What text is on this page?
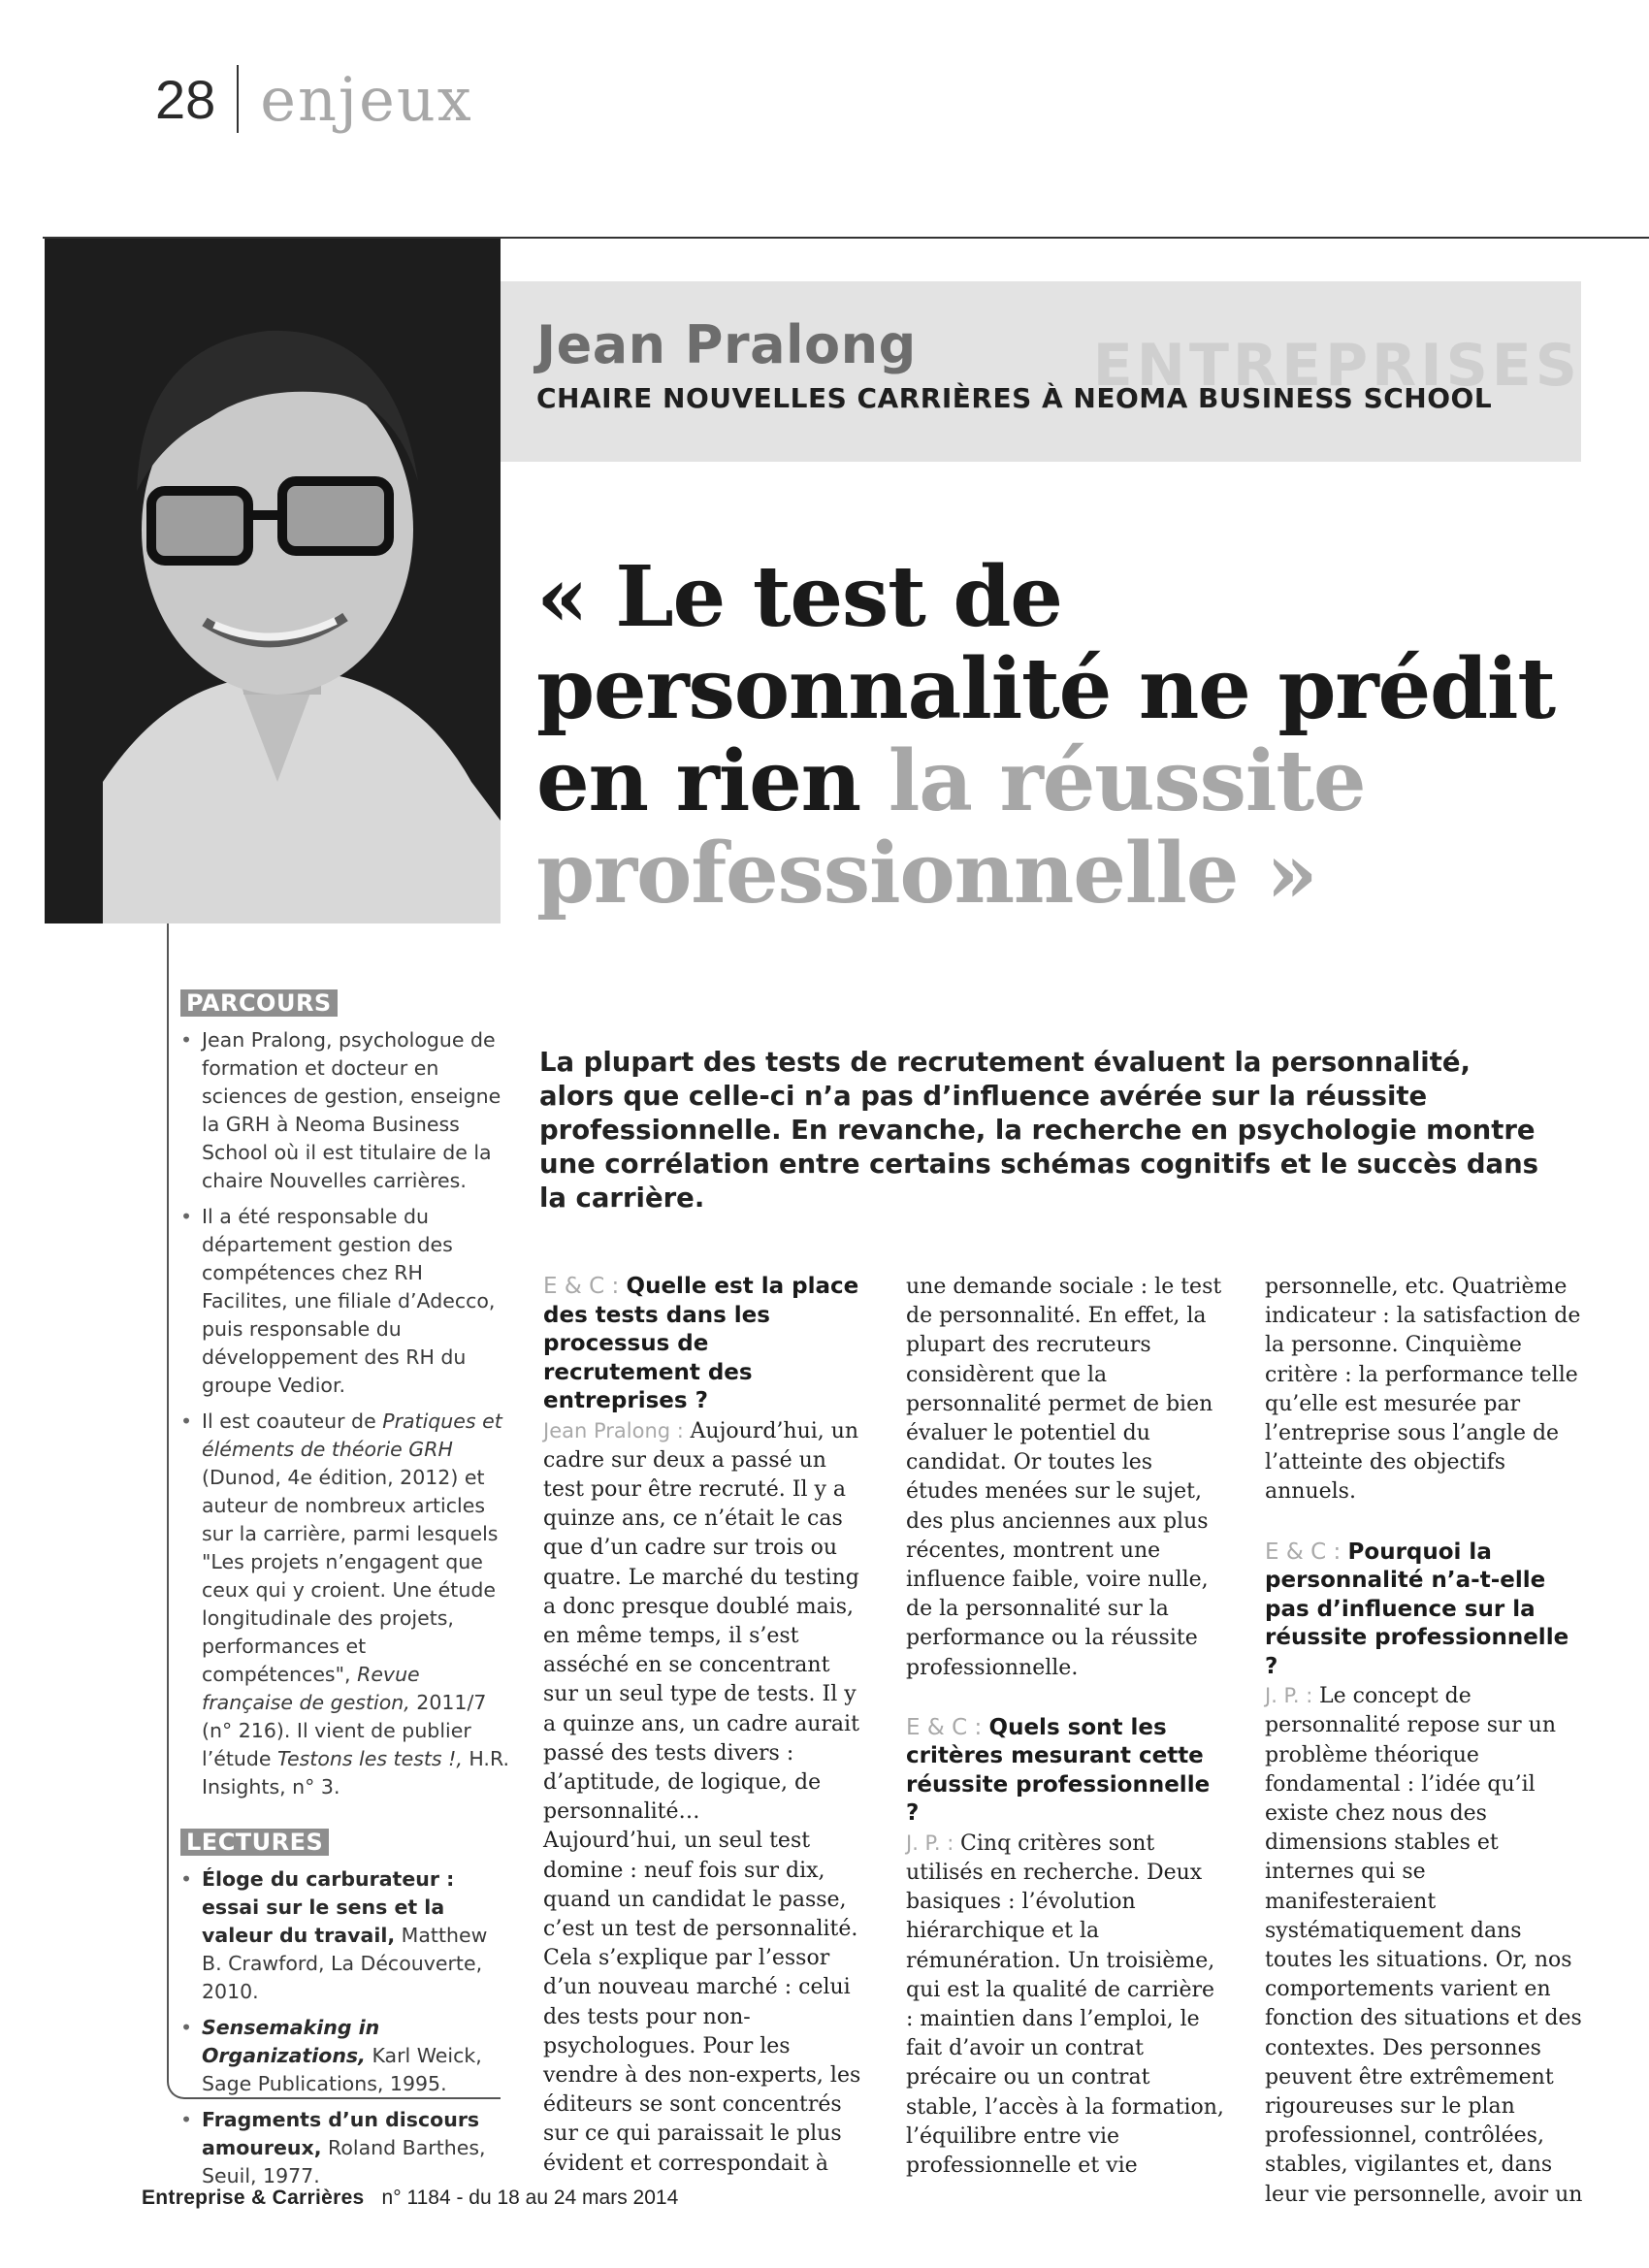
28 enjeux
ENTREPRISES
Jean Pralong
CHAIRE NOUVELLES CARRIÈRES À NEOMA BUSINESS SCHOOL
« Le test de personnalité ne prédit en rien la réussite professionnelle »

La plupart des tests de recrutement évaluent la personnalité, alors que celle-ci n’a pas d’influence avérée sur la réussite professionnelle. En revanche, la recherche en psychologie montre une corrélation entre certains schémas cognitifs et le succès dans la carrière.

PARCOURS
• Jean Pralong, psychologue de formation et docteur en sciences de gestion, enseigne la GRH à Neoma Business School où il est titulaire de la chaire Nouvelles carrières.
• Il a été responsable du département gestion des compétences chez RH Facilites, une filiale d’Adecco, puis responsable du développement des RH du groupe Vedior.
• Il est coauteur de Pratiques et éléments de théorie GRH (Dunod, 4e édition, 2012) et auteur de nombreux articles sur la carrière, parmi lesquels "Les projets n’engagent que ceux qui y croient. Une étude longitudinale des projets, performances et compétences", Revue française de gestion, 2011/7 (n° 216). Il vient de publier l’étude Testons les tests !, H.R. Insights, n° 3.
LECTURES
• Éloge du carburateur : essai sur le sens et la valeur du travail, Matthew B. Crawford, La Découverte, 2010.
• Sensemaking in Organizations, Karl Weick, Sage Publications, 1995.
• Fragments d’un discours amoureux, Roland Barthes, Seuil, 1977.
E & C : Quelle est la place des tests dans les processus de recrutement des entreprises ?

Jean Pralong : Aujourd’hui, un cadre sur deux a passé un test pour être recruté. Il y a quinze ans, ce n’était le cas que d’un cadre sur trois ou quatre. Le marché du testing a donc presque doublé mais, en même temps, il s’est asséché en se concentrant sur un seul type de tests. Il y a quinze ans, un cadre aurait passé des tests divers : d’aptitude, de logique, de personnalité…

Aujourd’hui, un seul test domine : neuf fois sur dix, quand un candidat le passe, c’est un test de personnalité. Cela s’explique par l’essor d’un nouveau marché : celui des tests pour non-psychologues. Pour les vendre à des non-experts, les éditeurs se sont concentrés sur ce qui paraissait le plus évident et correspondait à

une demande sociale : le test de personnalité. En effet, la plupart des recruteurs considèrent que la personnalité permet de bien évaluer le potentiel du candidat. Or toutes les études menées sur le sujet, des plus anciennes aux plus récentes, montrent une influence faible, voire nulle, de la personnalité sur la performance ou la réussite professionnelle.

E & C : Quels sont les critères mesurant cette réussite professionnelle ?

J. P. : Cinq critères sont utilisés en recherche. Deux basiques : l’évolution hiérarchique et la rémunération. Un troisième, qui est la qualité de carrière : maintien dans l’emploi, le fait d’avoir un contrat précaire ou un contrat stable, l’accès à la formation, l’équilibre entre vie professionnelle et vie

personnelle, etc. Quatrième indicateur : la satisfaction de la personne. Cinquième critère : la performance telle qu’elle est mesurée par l’entreprise sous l’angle de l’atteinte des objectifs annuels.

E & C : Pourquoi la personnalité n’a-t-elle pas d’influence sur la réussite professionnelle ?

J. P. : Le concept de personnalité repose sur un problème théorique fondamental : l’idée qu’il existe chez nous des dimensions stables et internes qui se manifesteraient systématiquement dans toutes les situations. Or, nos comportements varient en fonction des situations et des contextes. Des personnes peuvent être extrêmement rigoureuses sur le plan professionnel, contrôlées, stables, vigilantes et, dans leur vie personnelle, avoir un

Entreprise & Carrières n° 1184 - du 18 au 24 mars 2014
